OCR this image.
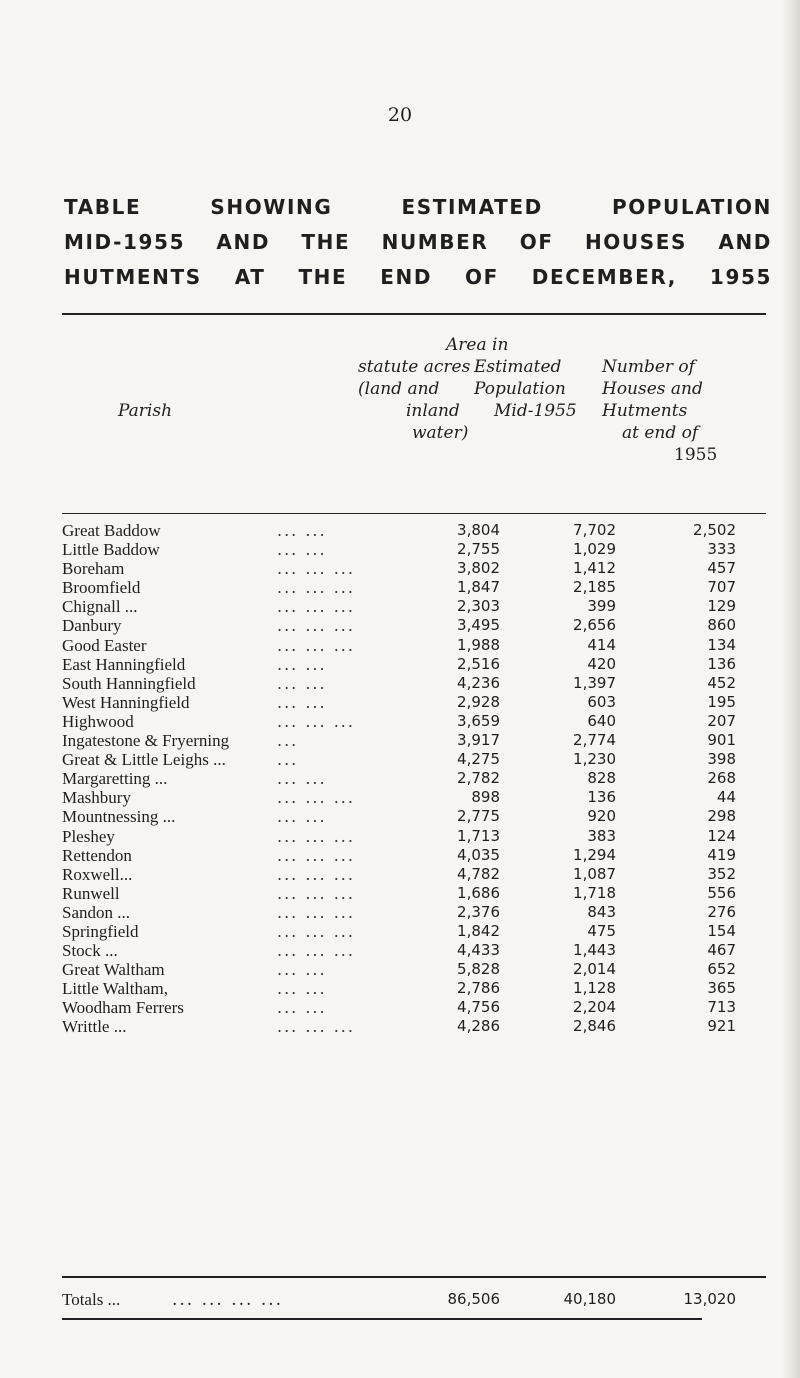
20
TABLE SHOWING ESTIMATED POPULATION
MID-1955 AND THE NUMBER OF HOUSES AND
HUTMENTS AT THE END OF DECEMBER, 1955
Parish
Area in
statute acres
(land and
inland
water)
Estimated
Population
Mid-1955
Number of
Houses and
Hutments
at end of
1955
Great Baddow	... ...	3,804	7,702	2,502
Little Baddow	... ...	2,755	1,029	333
Boreham	... ... ...	3,802	1,412	457
Broomfield	... ... ...	1,847	2,185	707
Chignall ...	... ... ...	2,303	399	129
Danbury	... ... ...	3,495	2,656	860
Good Easter	... ... ...	1,988	414	134
East Hanningfield	... ...	2,516	420	136
South Hanningfield	... ...	4,236	1,397	452
West Hanningfield	... ...	2,928	603	195
Highwood	... ... ...	3,659	640	207
Ingatestone & Fryerning	...	3,917	2,774	901
Great & Little Leighs ...	...	4,275	1,230	398
Margaretting ...	... ...	2,782	828	268
Mashbury	... ... ...	898	136	44
Mountnessing ...	... ...	2,775	920	298
Pleshey	... ... ...	1,713	383	124
Rettendon	... ... ...	4,035	1,294	419
Roxwell...	... ... ...	4,782	1,087	352
Runwell	... ... ...	1,686	1,718	556
Sandon ...	... ... ...	2,376	843	276
Springfield	... ... ...	1,842	475	154
Stock ...	... ... ...	4,433	1,443	467
Great Waltham	... ...	5,828	2,014	652
Little Waltham,	... ...	2,786	1,128	365
Woodham Ferrers	... ...	4,756	2,204	713
Writtle ...	... ... ...	4,286	2,846	921
Totals ...	... ... ... ...	86,506	40,180	13,020
